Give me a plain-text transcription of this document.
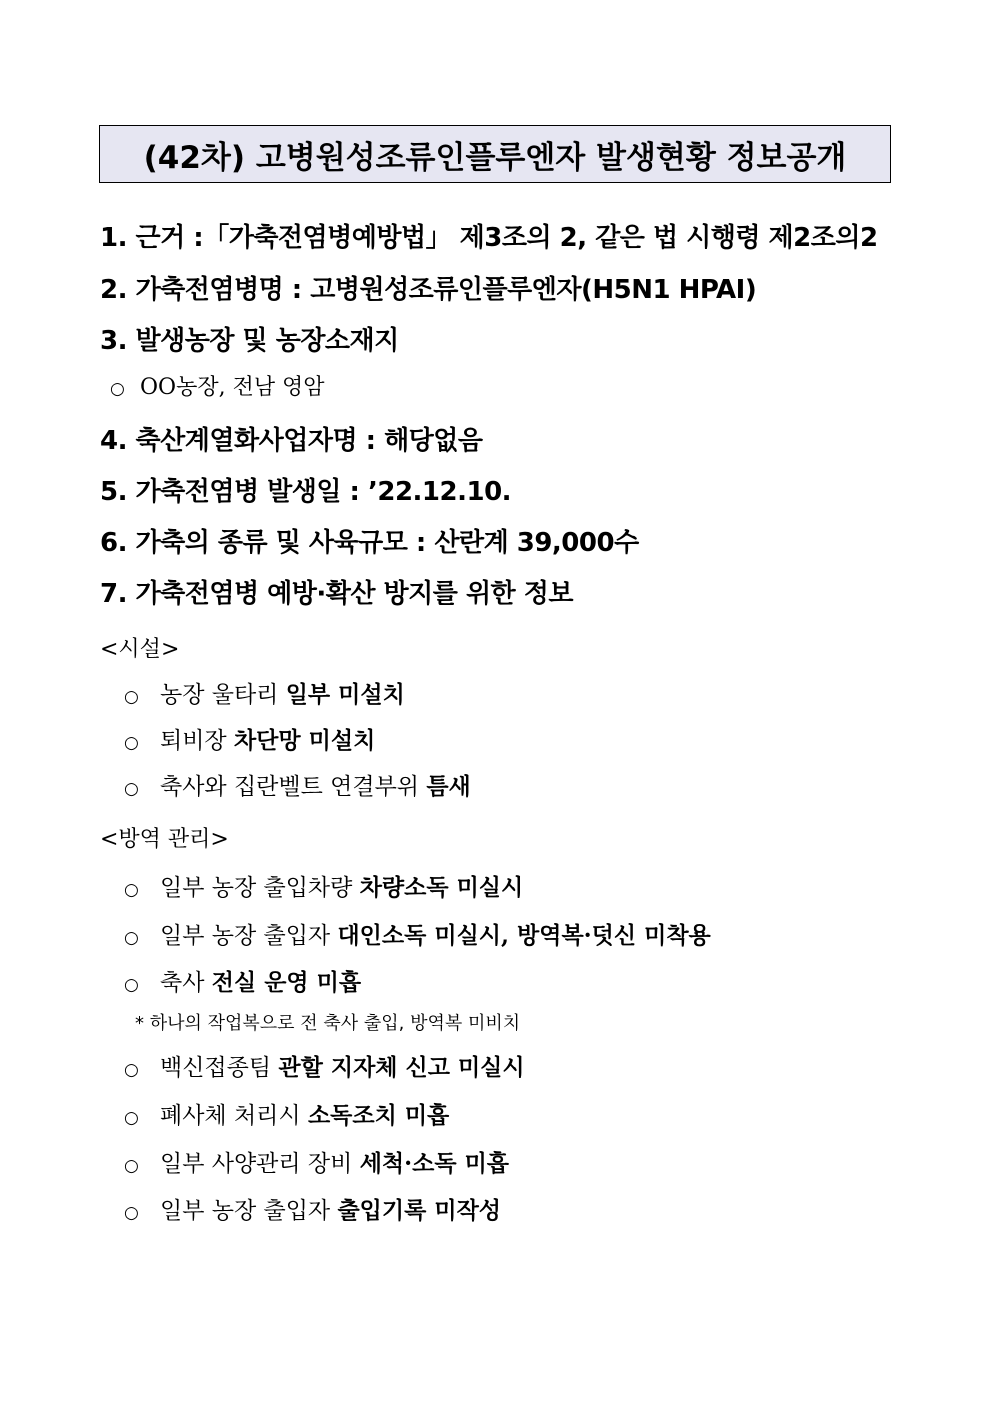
(42차) 고병원성조류인플루엔자 발생현황 정보공개
1. 근거 :「가축전염병예방법」 제3조의 2, 같은 법 시행령 제2조의2
2. 가축전염병명 : 고병원성조류인플루엔자(H5N1 HPAI)
3. 발생농장 및 농장소재지
○ OO농장, 전남 영암
4. 축산계열화사업자명 : 해당없음
5. 가축전염병 발생일 : ’22.12.10.
6. 가축의 종류 및 사육규모 : 산란계 39,000수
7. 가축전염병 예방·확산 방지를 위한 정보
<시설>
○ 농장 울타리 일부 미설치
○ 퇴비장 차단망 미설치
○ 축사와 집란벨트 연결부위 틈새
<방역 관리>
○ 일부 농장 출입차량 차량소독 미실시
○ 일부 농장 출입자 대인소독 미실시, 방역복·덧신 미착용
○ 축사 전실 운영 미흡
* 하나의 작업복으로 전 축사 출입, 방역복 미비치
○ 백신접종팀 관할 지자체 신고 미실시
○ 폐사체 처리시 소독조치 미흡
○ 일부 사양관리 장비 세척·소독 미흡
○ 일부 농장 출입자 출입기록 미작성
